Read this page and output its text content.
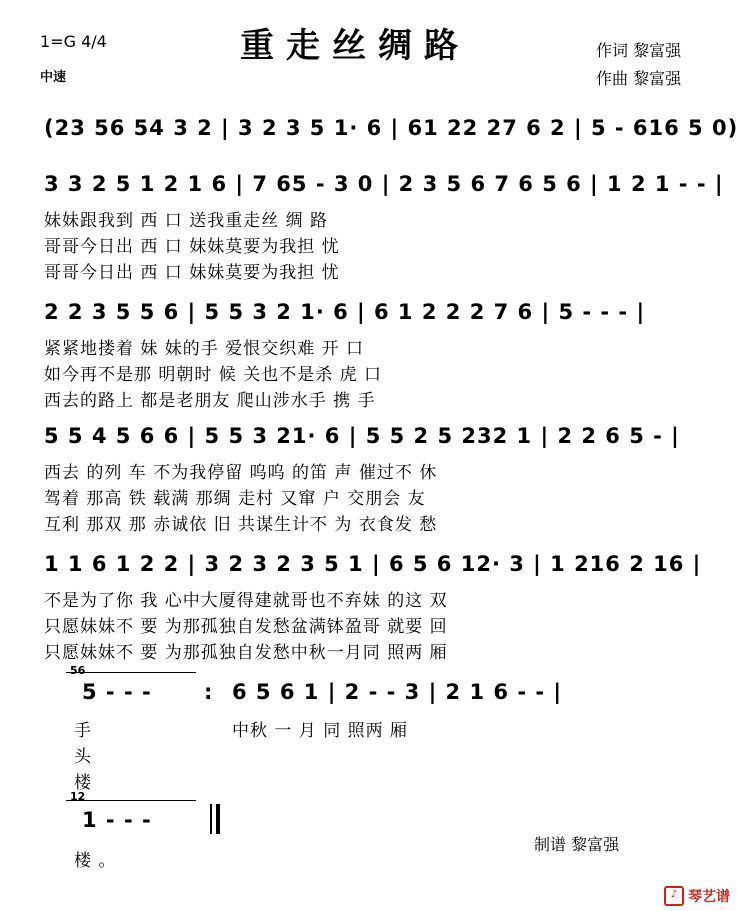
1=G 4/4
中速
重走丝绸路	作词 黎富强
作曲 黎富强
(23 56 54 3 2 | 3 2 3 5 1· 6 | 61 22 27 6 2 | 5 - 616 5 0)
3 3 2 5 1 2 1 6 | 7 65 - 3 0 | 2 3 5 6 7 6 5 6 | 1 2 1 - - |
妹妹跟我到 西 口 送我重走丝 绸 路
哥哥今日出 西 口 妹妹莫要为我担 忧
哥哥今日出 西 口 妹妹莫要为我担 忧
2 2 3 5 5 6 | 5 5 3 2 1· 6 | 6 1 2 2 2 7 6 | 5 - - - |
紧紧地搂着 妹 妹的手 爱恨交织难 开 口
如今再不是那 明朝时 候 关也不是杀 虎 口
西去的路上 都是老朋友 爬山涉水手 携 手
5 5 4 5 6 6 | 5 5 3 21· 6 | 5 5 2 5 232 1 | 2 2 6 5 - |
西去 的列 车 不为我停留 呜呜 的笛 声 催过不 休
驾着 那高 铁 载满 那绸 走村 又窜 户 交朋会 友
互利 那双 那 赤诚依 旧 共谋生计不 为 衣食发 愁
1 1 6 1 2 2 | 3 2 3 2 3 5 1 | 6 5 6 12· 3 | 1 216 2 16 |
不是为了你 我 心中大厦得建就哥也不弃妹 的这 双
只愿妹妹不 要 为那孤独自发愁盆满钵盈哥 就要 回
只愿妹妹不 要 为那孤独自发愁中秋一月同 照两 厢
56
5 - - - : 6 5 6 1 | 2 - - 3 | 2 1 6 - - |
手
头
楼
中秋 一 月 同 照两 厢
12
1 - - -
楼 。
制谱 黎富强
♪ 琴艺谱
